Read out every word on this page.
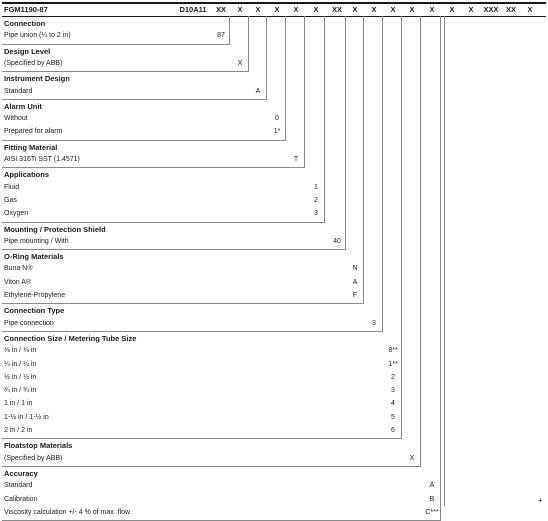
FGM1190-87	D10A11	XX	X	X	X	X	X	XX	X	X	X	X	X	X	X	XXX XX	X
Connection
Pipe union (¼ to 2 in)	87
Design Level
(Specified by ABB)	X
Instrument Design
Standard	A
Alarm Unit
Without	0
Prepared for alarm	1*
Fitting Material
AISI 316Ti SST (1.4571)	T
Applications
Fluid	1
Gas	2
Oxygen	3
Mounting / Protection Shield
Pipe mounting / With	40
O-Ring Materials
Buna N®	N
Viton A®	A
Ethylene-Propylene	F
Connection Type
Pipe connection	3
Connection Size / Metering Tube Size
⅛ in / ⅛ in	8**
¼ in / ¼ in	1**
½ in / ½ in	2
¾ in / ¾ in	3
1 in / 1 in	4
1-½ in / 1-½ in	5
2 in / 2 in	6
Floatstop Materials
(Specified by ABB)	X
Accuracy
Standard	A
Calibration	B
Viscosity calculation +/- 4 % of max. flow	C***
+
